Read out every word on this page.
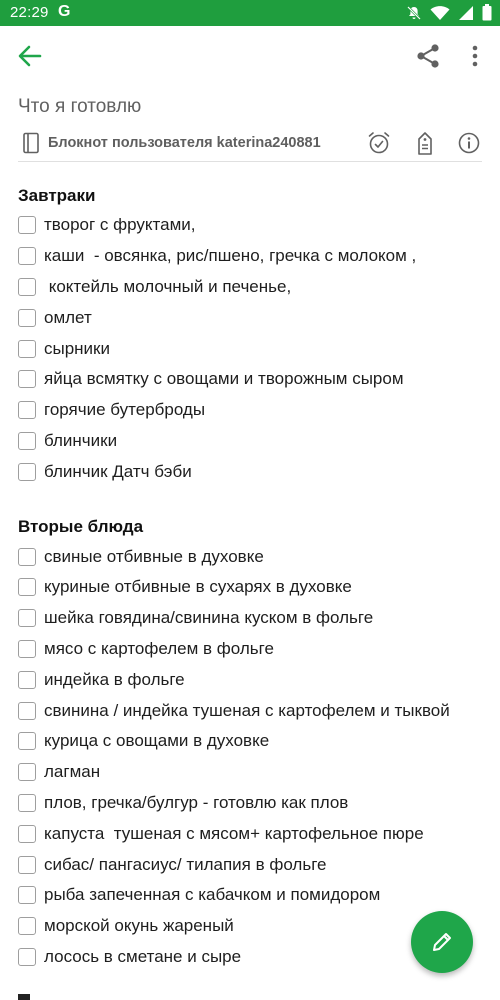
22:29 G
Что я готовлю
Блокнот пользователя katerina240881
Завтраки
творог с фруктами,
каши  - овсянка, рис/пшено, гречка с молоком ,
коктейль молочный и печенье,
омлет
сырники
яйца всмятку с овощами и творожным сыром
горячие бутерброды
блинчики
блинчик Датч бэби
Вторые блюда
свиные отбивные в духовке
куриные отбивные в сухарях в духовке
шейка говядина/свинина куском в фольге
мясо с картофелем в фольге
индейка в фольге
свинина / индейка тушеная с картофелем и тыквой
курица с овощами в духовке
лагман
плов, гречка/булгур - готовлю как плов
капуста  тушеная с мясом+ картофельное пюре
сибас/ пангасиус/ тилапия в фольге
рыба запеченная с кабачком и помидором
морской окунь жареный
лосось в сметане и сыре
